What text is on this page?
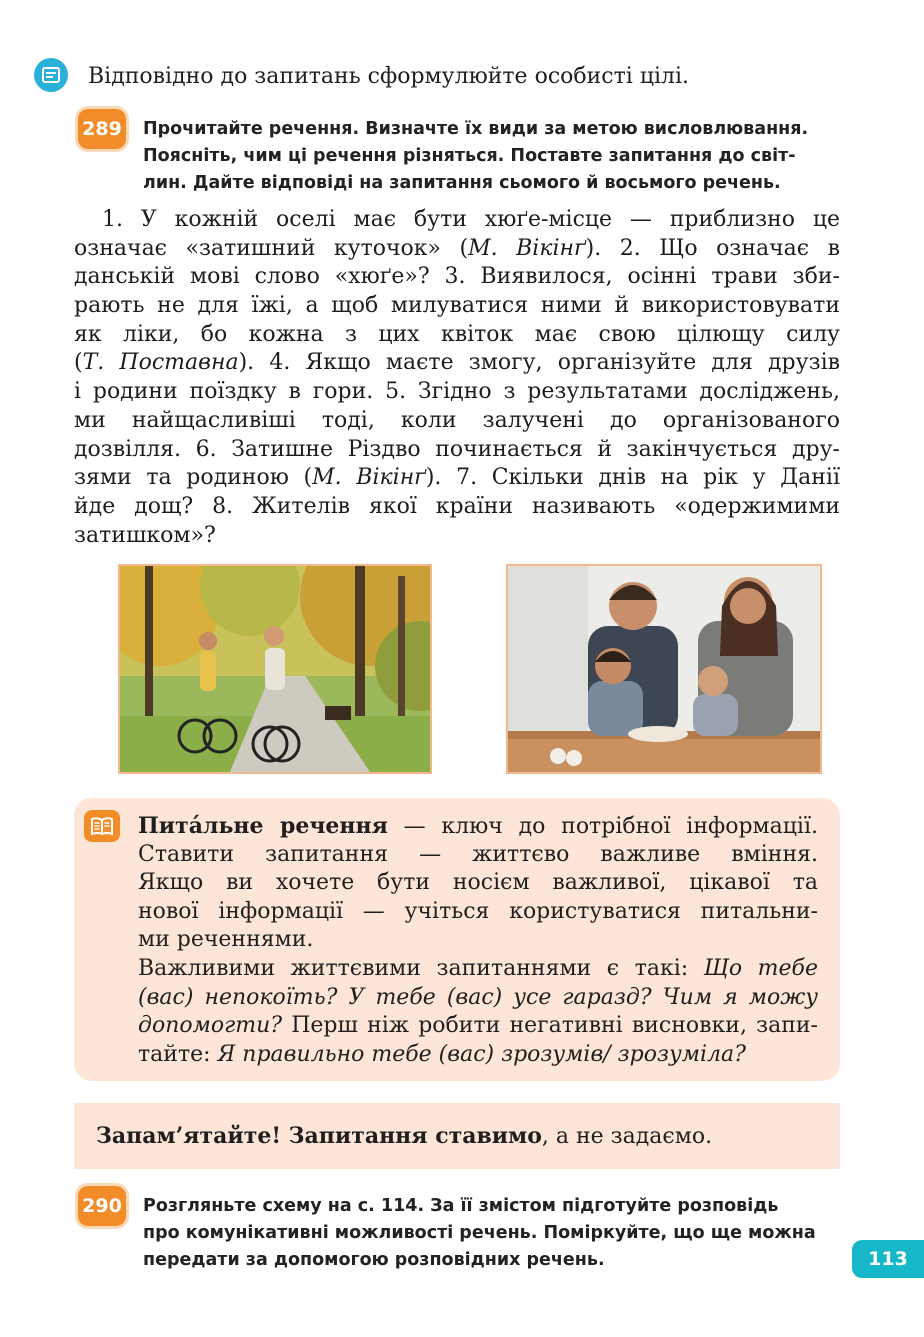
Відповідно до запитань сформулюйте особисті цілі.
289 Прочитайте речення. Визначте їх види за метою висловлювання.
Поясніть, чим ці речення різняться. Поставте запитання до світ-
лин. Дайте відповіді на запитання сьомого й восьмого речень.
1. У кожній оселі має бути хюґе-місце — приблизно це
означає «затишний куточок» (М. Вікінґ). 2. Що означає в
данській мові слово «хюґе»? 3. Виявилося, осінні трави зби-
рають не для їжі, а щоб милуватися ними й використовувати
як ліки, бо кожна з цих квіток має свою цілющу силу
(Т. Поставна). 4. Якщо маєте змогу, організуйте для друзів
і родини поїздку в гори. 5. Згідно з результатами досліджень,
ми найщасливіші тоді, коли залучені до організованого
дозвілля. 6. Затишне Різдво починається й закінчується дру-
зями та родиною (М. Вікінґ). 7. Скільки днів на рік у Данії
йде дощ? 8. Жителів якої країни називають «одержимими
затишком»?
Пита́льне речення — ключ до потрібної інформації.
Ставити запитання — життєво важливе вміння.
Якщо ви хочете бути носієм важливої, цікавої та
нової інформації — учіться користуватися питальни-
ми реченнями.
Важливими життєвими запитаннями є такі: Що тебе
(вас) непокоїть? У тебе (вас) усе гаразд? Чим я можу
допомогти? Перш ніж робити негативні висновки, запи-
тайте: Я правильно тебе (вас) зрозумів/ зрозуміла?
Запам’ятайте! Запитання ставимо, а не задаємо.
290 Розгляньте схему на с. 114. За її змістом підготуйте розповідь
про комунікативні можливості речень. Поміркуйте, що ще можна
передати за допомогою розповідних речень.	113
